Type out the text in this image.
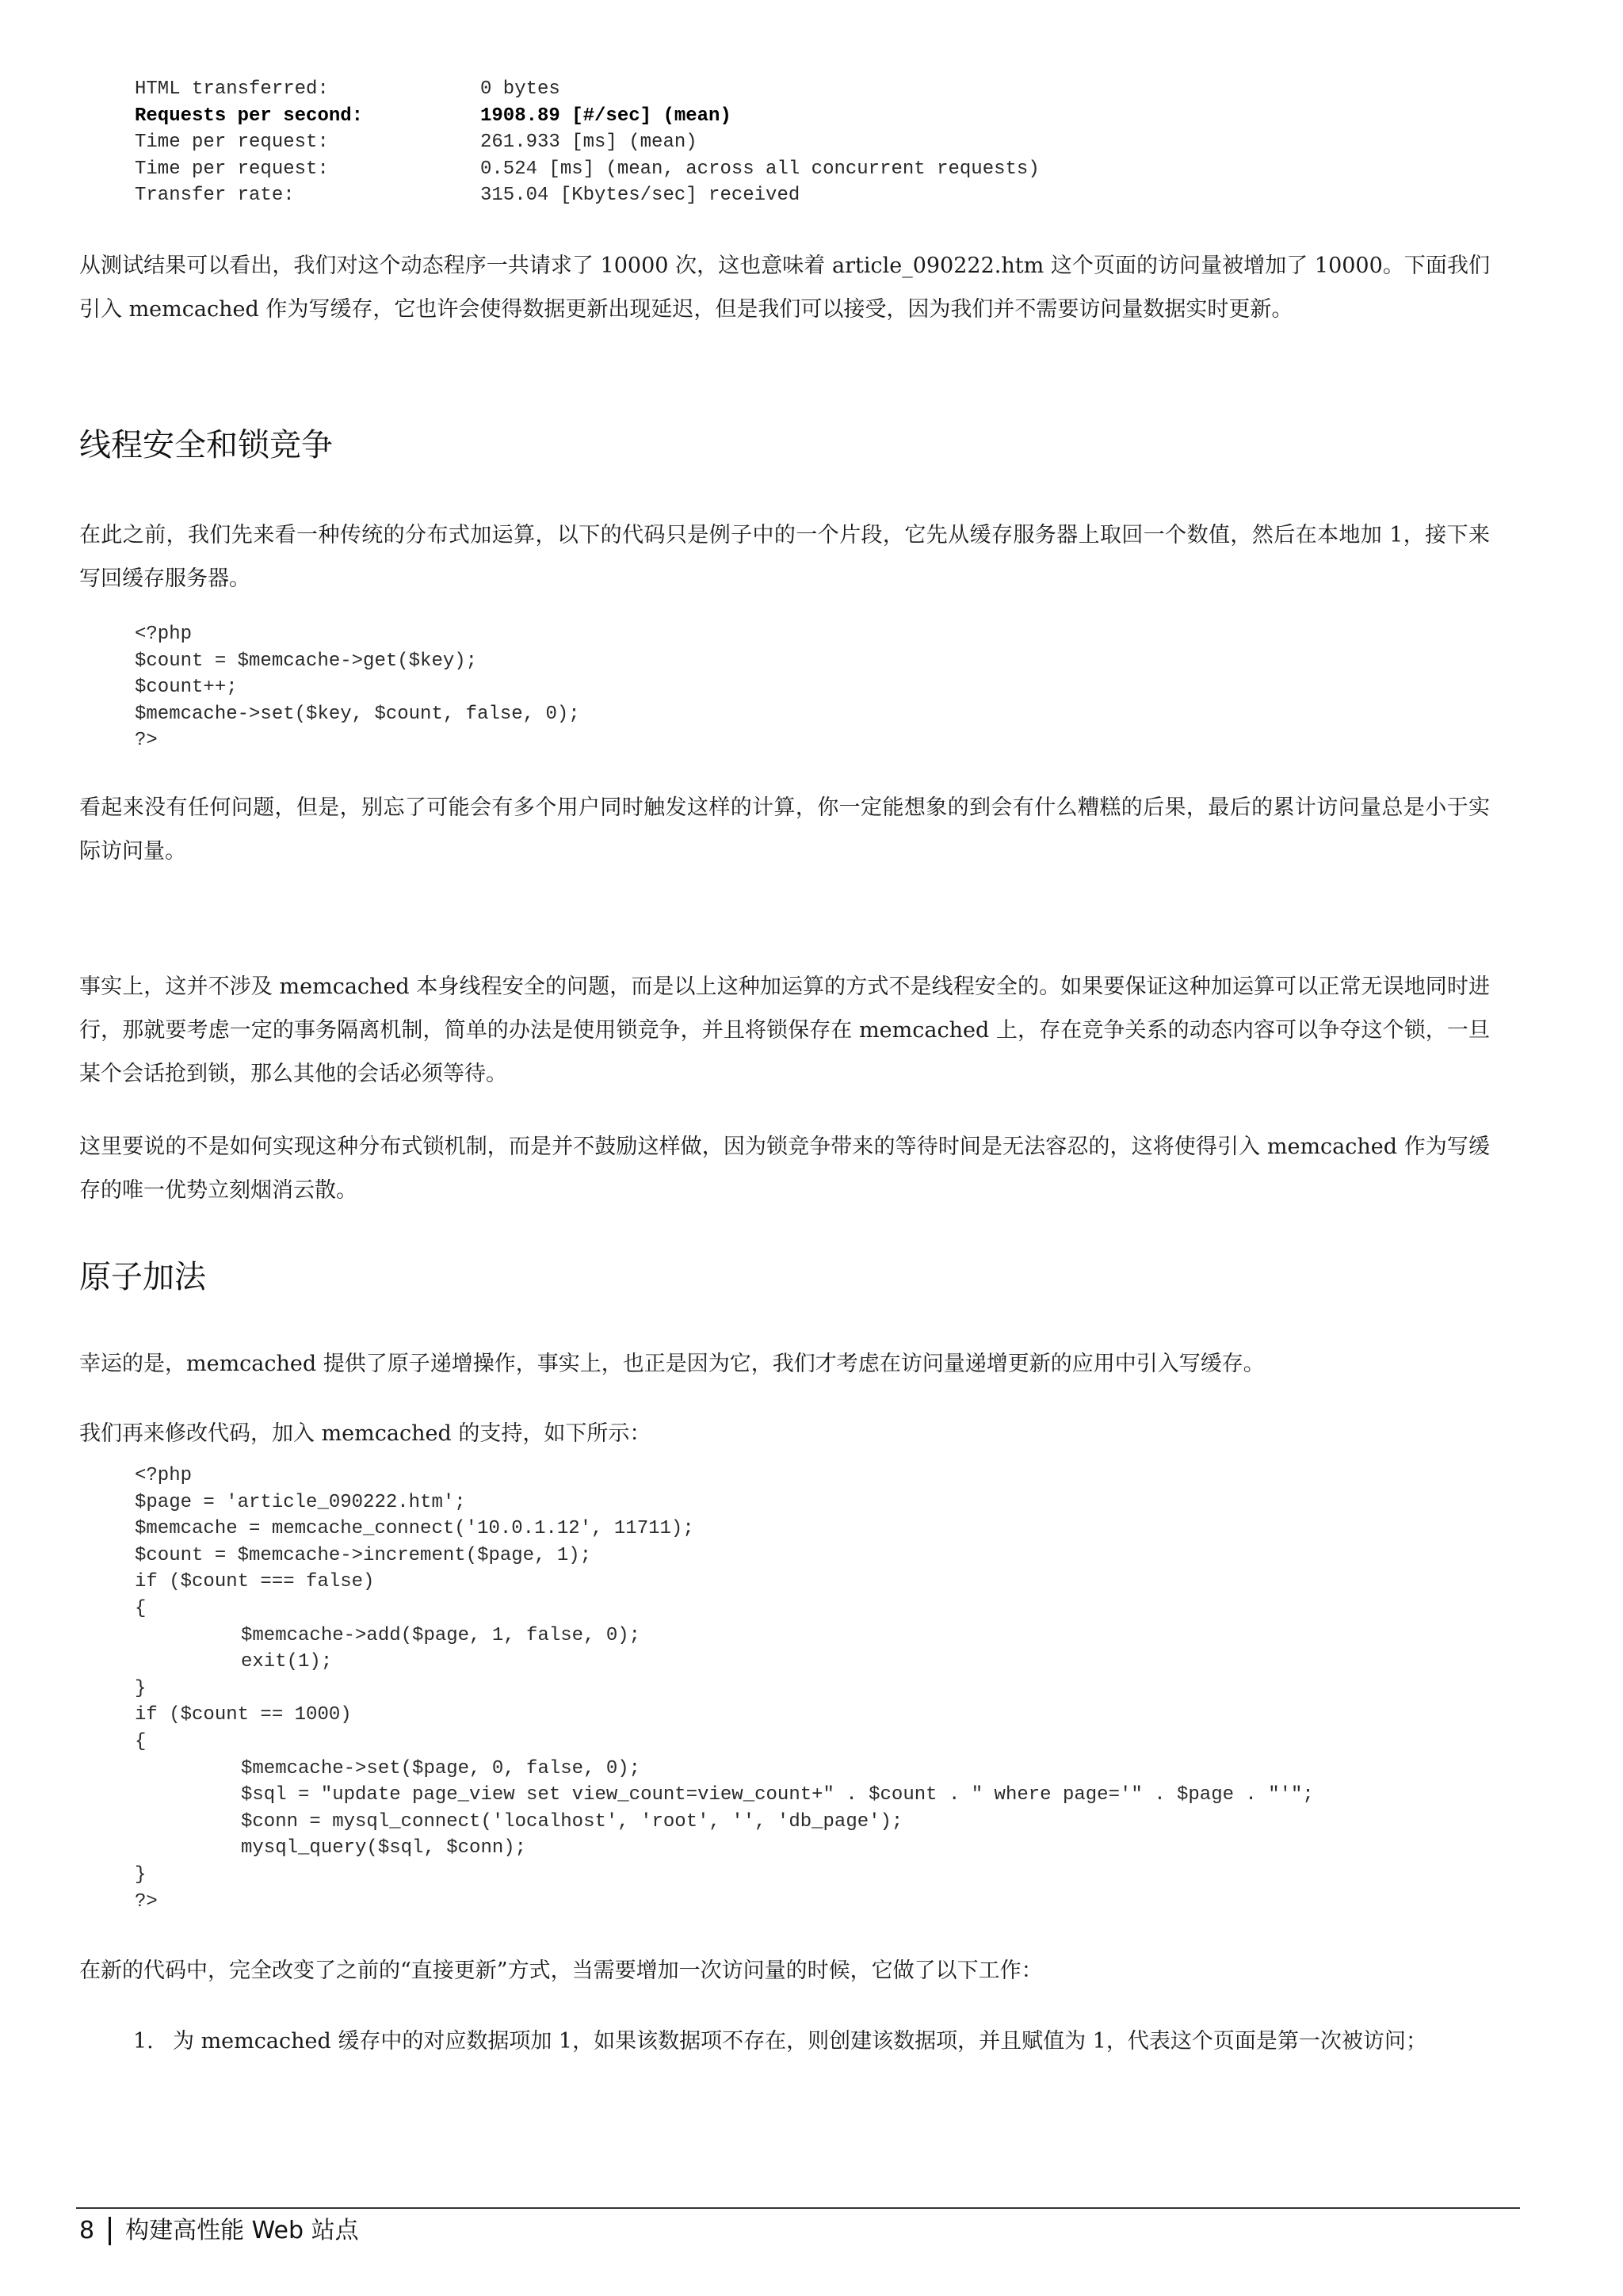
HTML transferred:	0 bytes
Requests per second:	1908.89 [#/sec] (mean)
Time per request:	261.933 [ms] (mean)
Time per request:	0.524 [ms] (mean, across all concurrent requests)
Transfer rate:	315.04 [Kbytes/sec] received

从测试结果可以看出，我们对这个动态程序一共请求了 10000 次，这也意味着 article_090222.htm 这个页面的访问量被增加了 10000。下面我们引入 memcached 作为写缓存，它也许会使得数据更新出现延迟，但是我们可以接受，因为我们并不需要访问量数据实时更新。

线程安全和锁竞争

在此之前，我们先来看一种传统的分布式加运算，以下的代码只是例子中的一个片段，它先从缓存服务器上取回一个数值，然后在本地加 1，接下来写回缓存服务器。

<?php
$count = $memcache->get($key);
$count++;
$memcache->set($key, $count, false, 0);
?>

看起来没有任何问题，但是，别忘了可能会有多个用户同时触发这样的计算，你一定能想象的到会有什么糟糕的后果，最后的累计访问量总是小于实际访问量。

事实上，这并不涉及 memcached 本身线程安全的问题，而是以上这种加运算的方式不是线程安全的。如果要保证这种加运算可以正常无误地同时进行，那就要考虑一定的事务隔离机制，简单的办法是使用锁竞争，并且将锁保存在 memcached 上，存在竞争关系的动态内容可以争夺这个锁，一旦某个会话抢到锁，那么其他的会话必须等待。

这里要说的不是如何实现这种分布式锁机制，而是并不鼓励这样做，因为锁竞争带来的等待时间是无法容忍的，这将使得引入 memcached 作为写缓存的唯一优势立刻烟消云散。

原子加法

幸运的是，memcached 提供了原子递增操作，事实上，也正是因为它，我们才考虑在访问量递增更新的应用中引入写缓存。

我们再来修改代码，加入 memcached 的支持，如下所示：

<?php
$page = 'article_090222.htm';
$memcache = memcache_connect('10.0.1.12', 11711);
$count = $memcache->increment($page, 1);
if ($count === false)
{
$memcache->add($page, 1, false, 0);
exit(1);
}
if ($count == 1000)
{
$memcache->set($page, 0, false, 0);
$sql = "update page_view set view_count=view_count+" . $count . " where page='" . $page . "'";
$conn = mysql_connect('localhost', 'root', '', 'db_page');
mysql_query($sql, $conn);
}
?>

在新的代码中，完全改变了之前的“直接更新”方式，当需要增加一次访问量的时候，它做了以下工作：

1. 为 memcached 缓存中的对应数据项加 1，如果该数据项不存在，则创建该数据项，并且赋值为 1，代表这个页面是第一次被访问；
8 构建高性能 Web 站点
